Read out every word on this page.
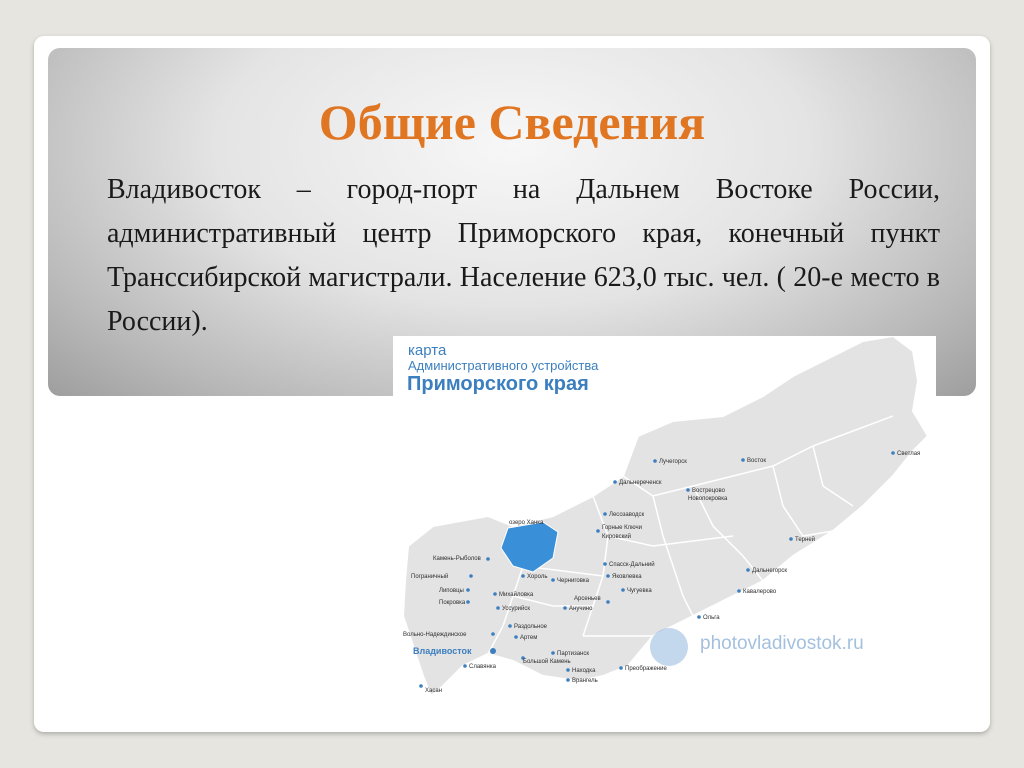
Общие Сведения
Владивосток – город-порт на Дальнем Востоке России, административный центр Приморского края, конечный пункт Транссибирской магистрали. Население 623,0 тыс. чел. ( 20-е место в России).
карта
Административного устройства
Приморского края
озеро Ханка
Лучегорск	Восток
Светлая
Дальнереченск
Вострецово
Новопокровка
Лесозаводск
Горные Ключи
Кировский	Терней
Камень-Рыболов
Спасск-Дальний
Пограничный	Хороль
Черниговка
Яковлевка
Дальнегорск
Липовцы
Михайловка
Чугуевка
Покровка
Арсеньев
Уссурийск	Анучино
Кавалерово
Раздольное
Вольно-Надеждинское	Артем
Ольга
Владивосток	Партизанск
Большой Камень
Славянка	Преображение
Находка
Врангель
Хасан
photovladivostok.ru
